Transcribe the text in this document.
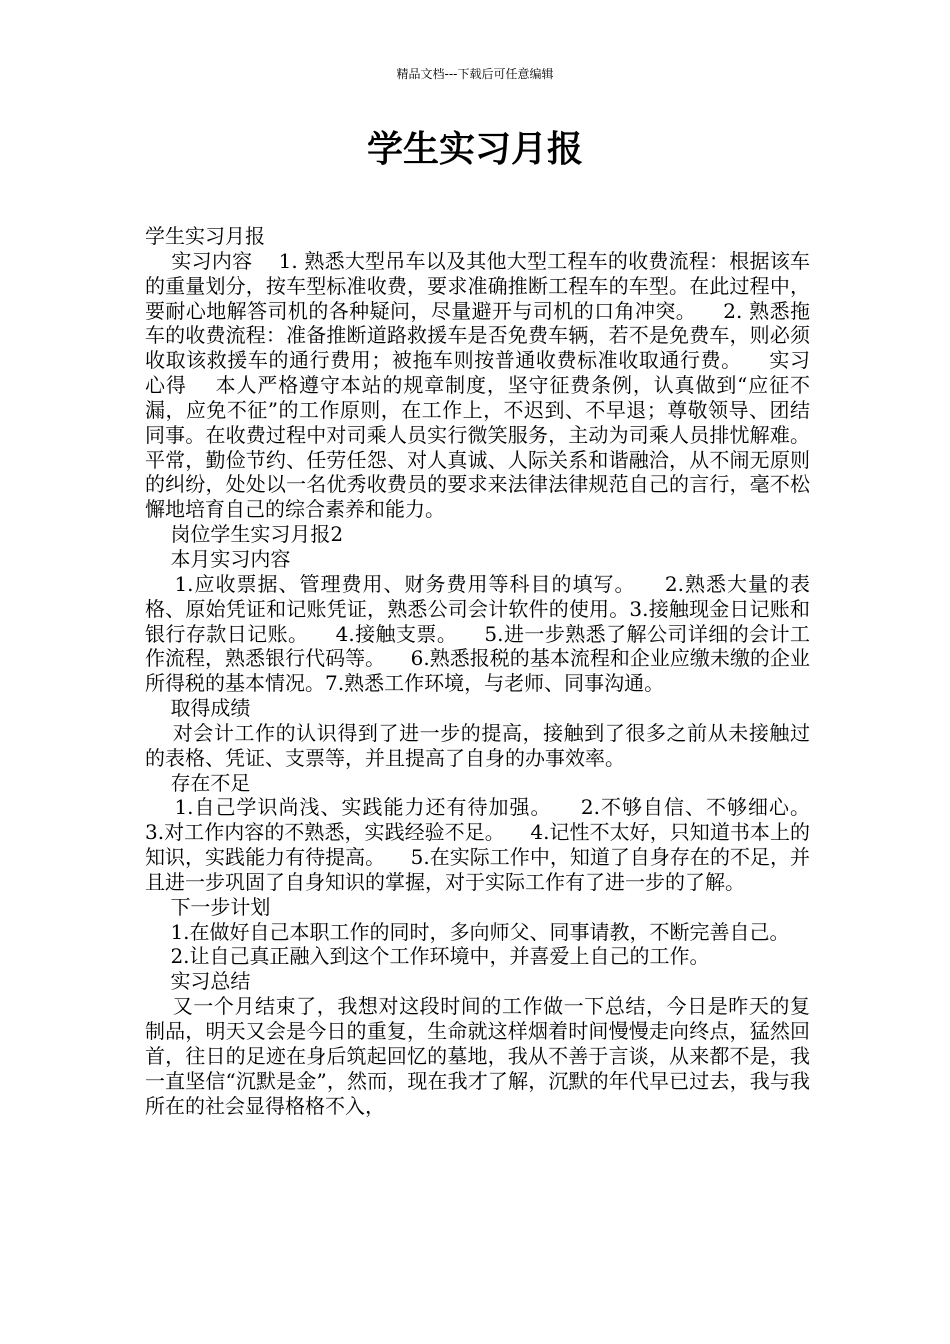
精品文档---下载后可任意编辑
学生实习月报

学生实习月报

实习内容    1. 熟悉大型吊车以及其他大型工程车的收费流程：根据该车的重量划分，按车型标准收费，要求准确推断工程车的车型。在此过程中，要耐心地解答司机的各种疑问，尽量避开与司机的口角冲突。    2. 熟悉拖车的收费流程：准备推断道路救援车是否免费车辆，若不是免费车，则必须收取该救援车的通行费用；被拖车则按普通收费标准收取通行费。    实习心得    本人严格遵守本站的规章制度，坚守征费条例，认真做到“应征不漏，应免不征”的工作原则，在工作上，不迟到、不早退；尊敬领导、团结同事。在收费过程中对司乘人员实行微笑服务，主动为司乘人员排忧解难。平常，勤俭节约、任劳任怨、对人真诚、人际关系和谐融洽，从不闹无原则的纠纷，处处以一名优秀收费员的要求来法律法律规范自己的言行，毫不松懈地培育自己的综合素养和能力。

岗位学生实习月报2

本月实习内容

1.应收票据、管理费用、财务费用等科目的填写。    2.熟悉大量的表格、原始凭证和记账凭证，熟悉公司会计软件的使用。3.接触现金日记账和银行存款日记账。    4.接触支票。    5.进一步熟悉了解公司详细的会计工作流程，熟悉银行代码等。    6.熟悉报税的基本流程和企业应缴未缴的企业所得税的基本情况。7.熟悉工作环境，与老师、同事沟通。

取得成绩

对会计工作的认识得到了进一步的提高，接触到了很多之前从未接触过的表格、凭证、支票等，并且提高了自身的办事效率。

存在不足

1.自己学识尚浅、实践能力还有待加强。    2.不够自信、不够细心。    3.对工作内容的不熟悉，实践经验不足。    4.记性不太好，只知道书本上的知识，实践能力有待提高。    5.在实际工作中，知道了自身存在的不足，并且进一步巩固了自身知识的掌握，对于实际工作有了进一步的了解。

下一步计划

1.在做好自己本职工作的同时，多向师父、同事请教，不断完善自己。

2.让自己真正融入到这个工作环境中，并喜爱上自己的工作。

实习总结

又一个月结束了，我想对这段时间的工作做一下总结，今日是昨天的复制品，明天又会是今日的重复，生命就这样烟着时间慢慢走向终点，猛然回首，往日的足迹在身后筑起回忆的墓地，我从不善于言谈，从来都不是，我一直坚信“沉默是金”，然而，现在我才了解，沉默的年代早已过去，我与我所在的社会显得格格不入，
